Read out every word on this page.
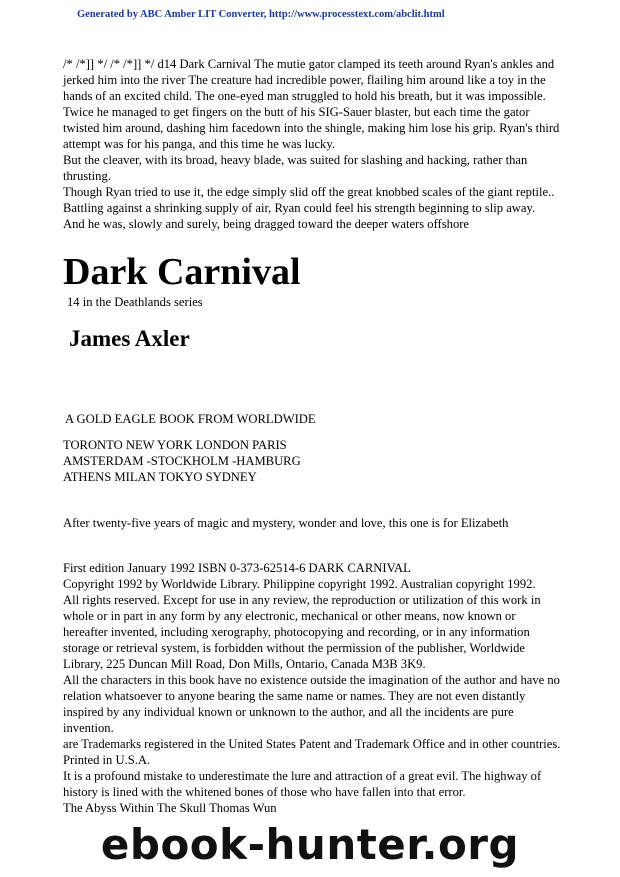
Generated by ABC Amber LIT Converter, http://www.processtext.com/abclit.html

/* /*]] */ /* /*]] */ d14 Dark Carnival The mutie gator clamped its teeth around Ryan's ankles and jerked him into the river The creature had incredible power, flailing him around like a toy in the hands of an excited child. The one-eyed man struggled to hold his breath, but it was impossible.

Twice he managed to get fingers on the butt of his SIG-Sauer blaster, but each time the gator twisted him around, dashing him facedown into the shingle, making him lose his grip. Ryan's third attempt was for his panga, and this time he was lucky.

But the cleaver, with its broad, heavy blade, was suited for slashing and hacking, rather than thrusting.

Though Ryan tried to use it, the edge simply slid off the great knobbed scales of the giant reptile..

Battling against a shrinking supply of air, Ryan could feel his strength beginning to slip away.

And he was, slowly and surely, being dragged toward the deeper waters offshore

Dark Carnival
14 in the Deathlands series
James Axler
A GOLD EAGLE BOOK FROM WORLDWIDE

TORONTO NEW YORK LONDON PARIS

AMSTERDAM -STOCKHOLM -HAMBURG

ATHENS MILAN TOKYO SYDNEY

After twenty-five years of magic and mystery, wonder and love, this one is for Elizabeth

First edition January 1992 ISBN 0-373-62514-6 DARK CARNIVAL

Copyright 1992 by Worldwide Library. Philippine copyright 1992. Australian copyright 1992.

All rights reserved. Except for use in any review, the reproduction or utilization of this work in whole or in part in any form by any electronic, mechanical or other means, now known or hereafter invented, including xerography, photocopying and recording, or in any information storage or retrieval system, is forbidden without the permission of the publisher, Worldwide Library, 225 Duncan Mill Road, Don Mills, Ontario, Canada M3B 3K9.

All the characters in this book have no existence outside the imagination of the author and have no relation whatsoever to anyone bearing the same name or names. They are not even distantly inspired by any individual known or unknown to the author, and all the incidents are pure invention.

are Trademarks registered in the United States Patent and Trademark Office and in other countries.

Printed in U.S.A.

It is a profound mistake to underestimate the lure and attraction of a great evil. The highway of history is lined with the whitened bones of those who have fallen into that error.

The Abyss Within The Skull Thomas Wun

ebook-hunter.org
